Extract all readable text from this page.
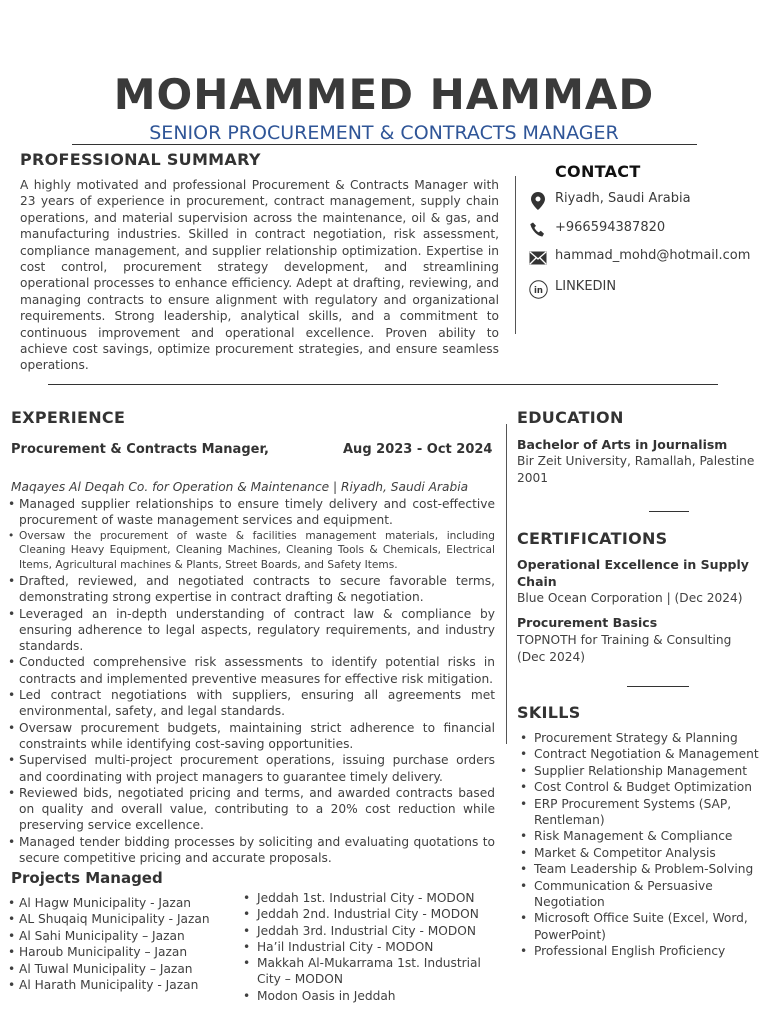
MOHAMMED HAMMAD
SENIOR PROCUREMENT & CONTRACTS MANAGER
PROFESSIONAL SUMMARY
A highly motivated and professional Procurement & Contracts Manager with 23 years of experience in procurement, contract management, supply chain operations, and material supervision across the maintenance, oil & gas, and manufacturing industries. Skilled in contract negotiation, risk assessment, compliance management, and supplier relationship optimization. Expertise in cost control, procurement strategy development, and streamlining operational processes to enhance efficiency. Adept at drafting, reviewing, and managing contracts to ensure alignment with regulatory and organizational requirements. Strong leadership, analytical skills, and a commitment to continuous improvement and operational excellence. Proven ability to achieve cost savings, optimize procurement strategies, and ensure seamless operations.
CONTACT
Riyadh, Saudi Arabia
+966594387820
hammad_mohd@hotmail.com
in LINKEDIN
EXPERIENCE
Procurement & Contracts Manager,	Aug 2023 - Oct 2024
Maqayes Al Deqah Co. for Operation & Maintenance | Riyadh, Saudi Arabia
• Managed supplier relationships to ensure timely delivery and cost-effective procurement of waste management services and equipment.
• Oversaw the procurement of waste & facilities management materials, including Cleaning Heavy Equipment, Cleaning Machines, Cleaning Tools & Chemicals, Electrical Items, Agricultural machines & Plants, Street Boards, and Safety Items.
• Drafted, reviewed, and negotiated contracts to secure favorable terms, demonstrating strong expertise in contract drafting & negotiation.
• Leveraged an in-depth understanding of contract law & compliance by ensuring adherence to legal aspects, regulatory requirements, and industry standards.
• Conducted comprehensive risk assessments to identify potential risks in contracts and implemented preventive measures for effective risk mitigation.
• Led contract negotiations with suppliers, ensuring all agreements met environmental, safety, and legal standards.
• Oversaw procurement budgets, maintaining strict adherence to financial constraints while identifying cost-saving opportunities.
• Supervised multi-project procurement operations, issuing purchase orders and coordinating with project managers to guarantee timely delivery.
• Reviewed bids, negotiated pricing and terms, and awarded contracts based on quality and overall value, contributing to a 20% cost reduction while preserving service excellence.
• Managed tender bidding processes by soliciting and evaluating quotations to secure competitive pricing and accurate proposals.
Projects Managed
• Al Hagw Municipality - Jazan
• AL Shuqaiq Municipality - Jazan
• Al Sahi Municipality – Jazan
• Haroub Municipality – Jazan
• Al Tuwal Municipality – Jazan
• Al Harath Municipality - Jazan
• Jeddah 1st. Industrial City - MODON
• Jeddah 2nd. Industrial City - MODON
• Jeddah 3rd. Industrial City - MODON
• Ha’il Industrial City - MODON
• Makkah Al-Mukarrama 1st. Industrial City – MODON
• Modon Oasis in Jeddah
EDUCATION
Bachelor of Arts in Journalism
Bir Zeit University, Ramallah, Palestine
2001
CERTIFICATIONS
Operational Excellence in Supply Chain
Blue Ocean Corporation | (Dec 2024)
Procurement Basics
TOPNOTH for Training & Consulting (Dec 2024)
SKILLS
• Procurement Strategy & Planning
• Contract Negotiation & Management
• Supplier Relationship Management
• Cost Control & Budget Optimization
• ERP Procurement Systems (SAP, Rentleman)
• Risk Management & Compliance
• Market & Competitor Analysis
• Team Leadership & Problem-Solving
• Communication & Persuasive Negotiation
• Microsoft Office Suite (Excel, Word, PowerPoint)
• Professional English Proficiency
